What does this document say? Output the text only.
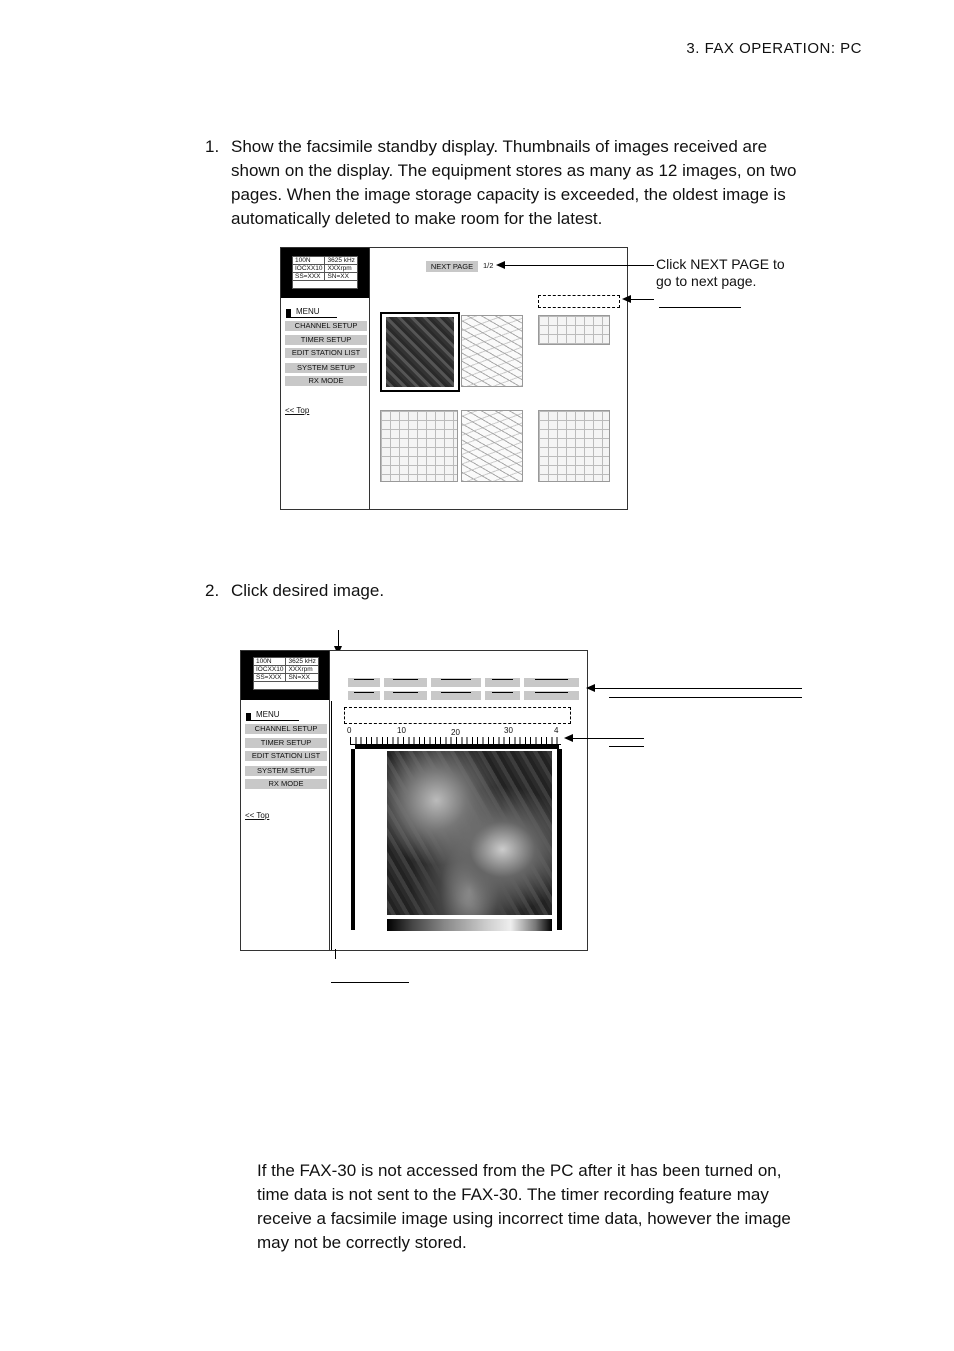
3. FAX OPERATION: PC
1. Show the facsimile standby display. Thumbnails of images received are
shown on the display. The equipment stores as many as 12 images, on two
pages. When the image storage capacity is exceeded, the oldest image is
automatically deleted to make room for the latest.
100N	3625 kHz
IOCXX10	XXXrpm
SS=XXX	SN=XX

MENU
CHANNEL SETUP
TIMER SETUP
EDIT STATION LIST
SYSTEM SETUP
RX MODE
<< Top
NEXT PAGE	1/2	Click NEXT PAGE to
go to next page.
2. Click desired image.
100N	3625 kHz
IOCXX10	XXXrpm
SS=XXX	SN=XX

MENU
CHANNEL SETUP
TIMER SETUP
EDIT STATION LIST
SYSTEM SETUP
RX MODE
<< Top
0	10	20	30	4
If the FAX-30 is not accessed from the PC after it has been turned on,
time data is not sent to the FAX-30. The timer recording feature may
receive a facsimile image using incorrect time data, however the image
may not be correctly stored.
